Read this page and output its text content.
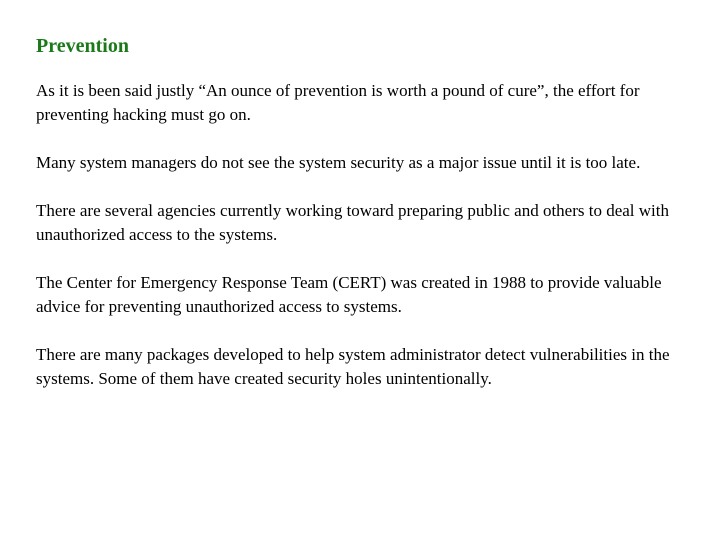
Prevention

As it is been said justly “An ounce of prevention is worth a pound of cure”, the effort for preventing hacking must go on.

Many system managers do not see the system security as a major issue until it is too late.

There are several agencies currently working toward preparing public and others to deal with unauthorized access to the systems.

The Center for Emergency Response Team (CERT) was created in 1988 to provide valuable advice for preventing unauthorized access to systems.

There are many packages developed to help system administrator detect vulnerabilities in the systems. Some of them have created security holes unintentionally.
